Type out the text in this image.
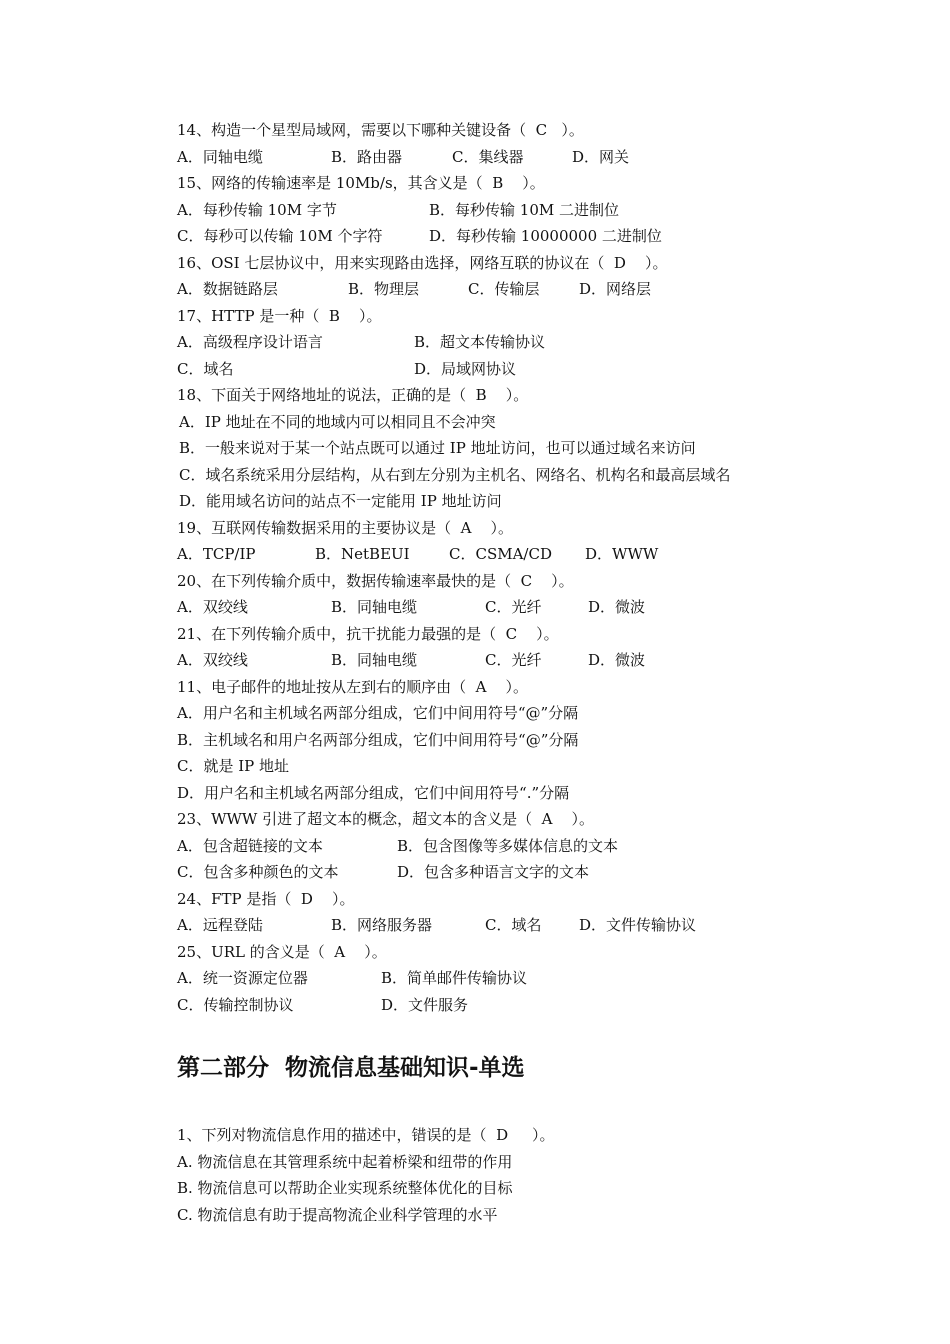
14、构造一个星型局域网，需要以下哪种关键设备（  C   ）。

A．同轴电缆

	B．路由器

	C．集线器

	D．网关

15、网络的传输速率是 10Mb/s，其含义是（  B    ）。

A．每秒传输 10M 字节

	B．每秒传输 10M 二进制位

C．每秒可以传输 10M 个字符

	D．每秒传输 10000000 二进制位

16、OSI 七层协议中，用来实现路由选择，网络互联的协议在（  D    ）。

A．数据链路层

	B．物理层

	C．传输层

	D．网络层

17、HTTP 是一种（  B    ）。

A．高级程序设计语言

	B．超文本传输协议

C．域名

	D．局域网协议

18、下面关于网络地址的说法，正确的是（  B    ）。
A．IP 地址在不同的地域内可以相同且不会冲突
B．一般来说对于某一个站点既可以通过 IP 地址访问，也可以通过域名来访问
C．域名系统采用分层结构，从右到左分别为主机名、网络名、机构名和最高层域名
D．能用域名访问的站点不一定能用 IP 地址访问
19、互联网传输数据采用的主要协议是（  A    ）。

A．TCP/IP

	B．NetBEUI

	C．CSMA/CD

D．WWW

20、在下列传输介质中，数据传输速率最快的是（  C    ）。

A．双绞线

	B．同轴电缆

	C．光纤

	D．微波

21、在下列传输介质中，抗干扰能力最强的是（  C    ）。

A．双绞线

	B．同轴电缆

	C．光纤

	D．微波

11、电子邮件的地址按从左到右的顺序由（  A    ）。
A．用户名和主机域名两部分组成，它们中间用符号“@”分隔
B．主机域名和用户名两部分组成，它们中间用符号“@”分隔
C．就是 IP 地址
D．用户名和主机域名两部分组成，它们中间用符号“.”分隔
23、WWW 引进了超文本的概念，超文本的含义是（  A    ）。

A．包含超链接的文本

	B．包含图像等多媒体信息的文本

C．包含多种颜色的文本

	D．包含多种语言文字的文本

24、FTP 是指（  D    ）。

A．远程登陆

	B．网络服务器

	C．域名

	D．文件传输协议

25、URL 的含义是（  A    ）。

A．统一资源定位器

	B．简单邮件传输协议

C．传输控制协议

	D．文件服务

第二部分  物流信息基础知识-单选
1、下列对物流信息作用的描述中，错误的是（  D     ）。
A. 物流信息在其管理系统中起着桥梁和纽带的作用
B. 物流信息可以帮助企业实现系统整体优化的目标
C. 物流信息有助于提高物流企业科学管理的水平
